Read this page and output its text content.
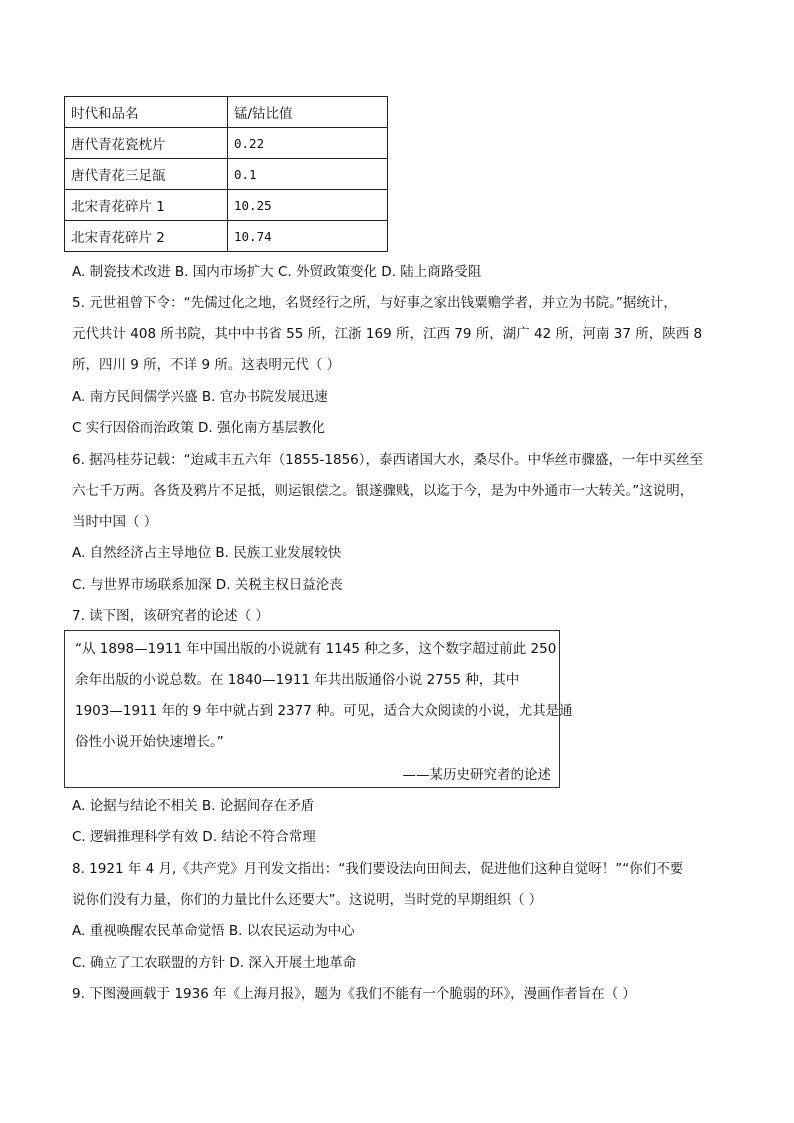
时代和品名	锰/钴比值
唐代青花瓷枕片	0.22
唐代青花三足瓿	0.1
北宋青花碎片 1	10.25
北宋青花碎片 2	10.74
A. 制瓷技术改进 B. 国内市场扩大 C. 外贸政策变化 D. 陆上商路受阻
5. 元世祖曾下令：“先儒过化之地，名贤经行之所，与好事之家出钱粟赡学者，并立为书院。”据统计，
元代共计 408 所书院，其中中书省 55 所，江浙 169 所，江西 79 所，湖广 42 所，河南 37 所，陕西 8
所，四川 9 所，不详 9 所。这表明元代（ ）
A. 南方民间儒学兴盛 B. 官办书院发展迅速
C 实行因俗而治政策 D. 强化南方基层教化
6. 据冯桂芬记载：“迨咸丰五六年（1855-1856），泰西诸国大水，桑尽仆。中华丝市骤盛，一年中买丝至
六七千万两。各货及鸦片不足抵，则运银偿之。银遂骤贱，以迄于今，是为中外通市一大转关。”这说明，
当时中国（ ）
A. 自然经济占主导地位 B. 民族工业发展较快
C. 与世界市场联系加深 D. 关税主权日益沦丧
7. 读下图，该研究者的论述（ ）
“从 1898—1911 年中国出版的小说就有 1145 种之多，这个数字超过前此 250
余年出版的小说总数。在 1840—1911 年共出版通俗小说 2755 种，其中
1903—1911 年的 9 年中就占到 2377 种。可见，适合大众阅读的小说，尤其是通
俗性小说开始快速增长。”
——某历史研究者的论述
A. 论据与结论不相关 B. 论据间存在矛盾
C. 逻辑推理科学有效 D. 结论不符合常理
8. 1921 年 4 月,《共产党》月刊发文指出：“我们要设法向田间去，促进他们这种自觉呀！”“你们不要
说你们没有力量，你们的力量比什么还要大”。这说明，当时党的早期组织（ ）
A. 重视唤醒农民革命觉悟 B. 以农民运动为中心
C. 确立了工农联盟的方针 D. 深入开展土地革命
9. 下图漫画载于 1936 年《上海月报》，题为《我们不能有一个脆弱的环》，漫画作者旨在（ ）
